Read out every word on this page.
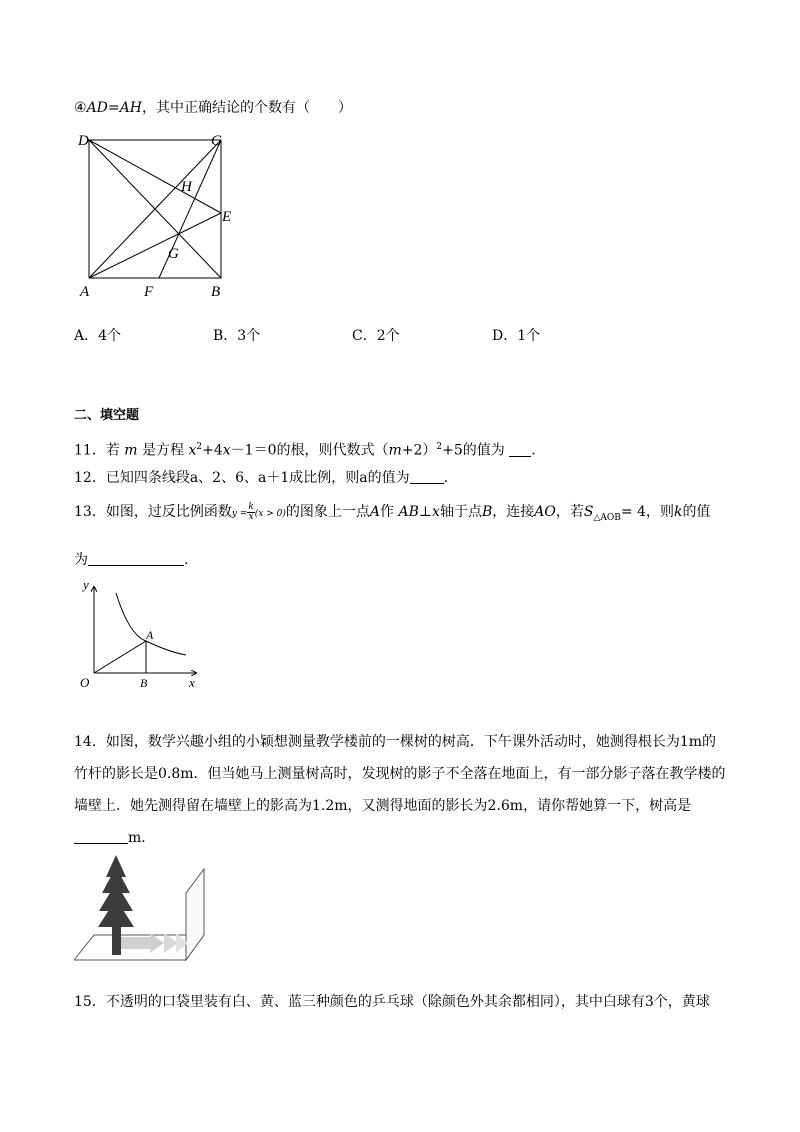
④AD=AH，其中正确结论的个数有（　　）
D	C
H
E
G
A	F	B
A．4个	B．3个	C．2个	D．1个
二、填空题
11．若 m 是方程 $x^2+4x-1=0$的根，则代数式$(m+2)^2+5$的值为 .
12．已知四条线段a、2、6、a＋1成比例，则a的值为 .
13．如图，过反比例函数$y = \frac{k}{x} (x > 0)$的图象上一点A作 AB⊥x轴于点B，连接AO，若$S_{\triangle AOB}= 4$，则k的值
为	.
y
A
O	B	x
14．如图，数学兴趣小组的小颖想测量教学楼前的一棵树的树高．下午课外活动时，她测得根长为1m的
竹杆的影长是0.8m．但当她马上测量树高时，发现树的影子不全落在地面上，有一部分影子落在教学楼的
墙壁上．她先测得留在墙壁上的影高为1.2m，又测得地面的影长为2.6m，请你帮她算一下，树高是
m.
15．不透明的口袋里装有白、黄、蓝三种颜色的乒乓球（除颜色外其余都相同），其中白球有3个，黄球
